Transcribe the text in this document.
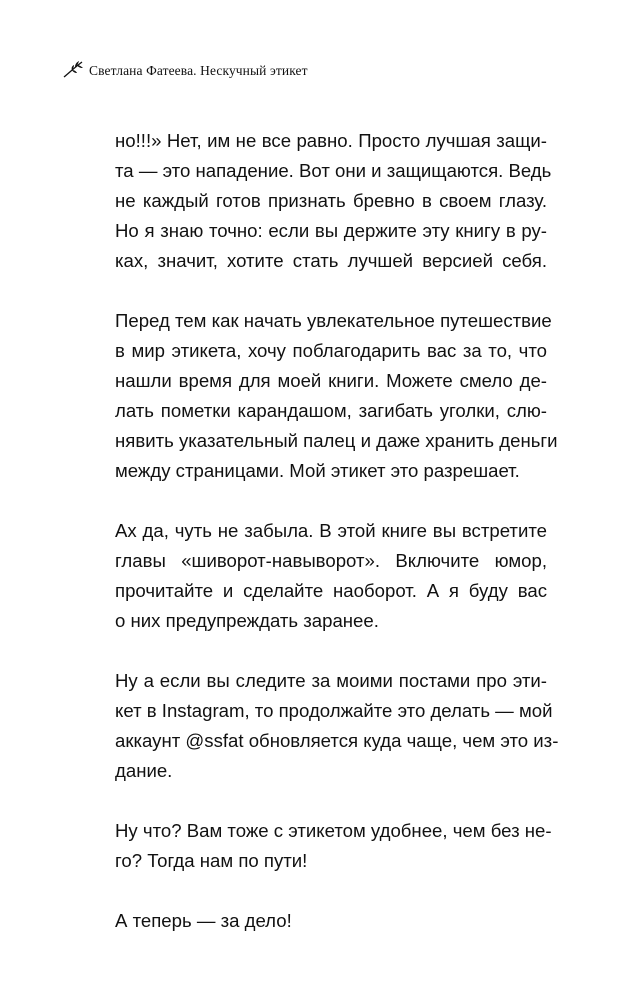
Светлана Фатеева. Нескучный этикет

но!!!» Нет, им не все равно. Просто лучшая защи-
та — это нападение. Вот они и защищаются. Ведь
не каждый готов признать бревно в своем глазу.
Но я знаю точно: если вы держите эту книгу в ру-
ках, значит, хотите стать лучшей версией себя.

Перед тем как начать увлекательное путешествие
в мир этикета, хочу поблагодарить вас за то, что
нашли время для моей книги. Можете смело де-
лать пометки карандашом, загибать уголки, слю-
нявить указательный палец и даже хранить деньги
между страницами. Мой этикет это разрешает.

Ах да, чуть не забыла. В этой книге вы встретите
главы «шиворот-навыворот». Включите юмор,
прочитайте и сделайте наоборот. А я буду вас
о них предупреждать заранее.

Ну а если вы следите за моими постами про эти-
кет в Instagram, то продолжайте это делать — мой
аккаунт @ssfat обновляется куда чаще, чем это из-
дание.

Ну что? Вам тоже с этикетом удобнее, чем без не-
го? Тогда нам по пути!

А теперь — за дело!
